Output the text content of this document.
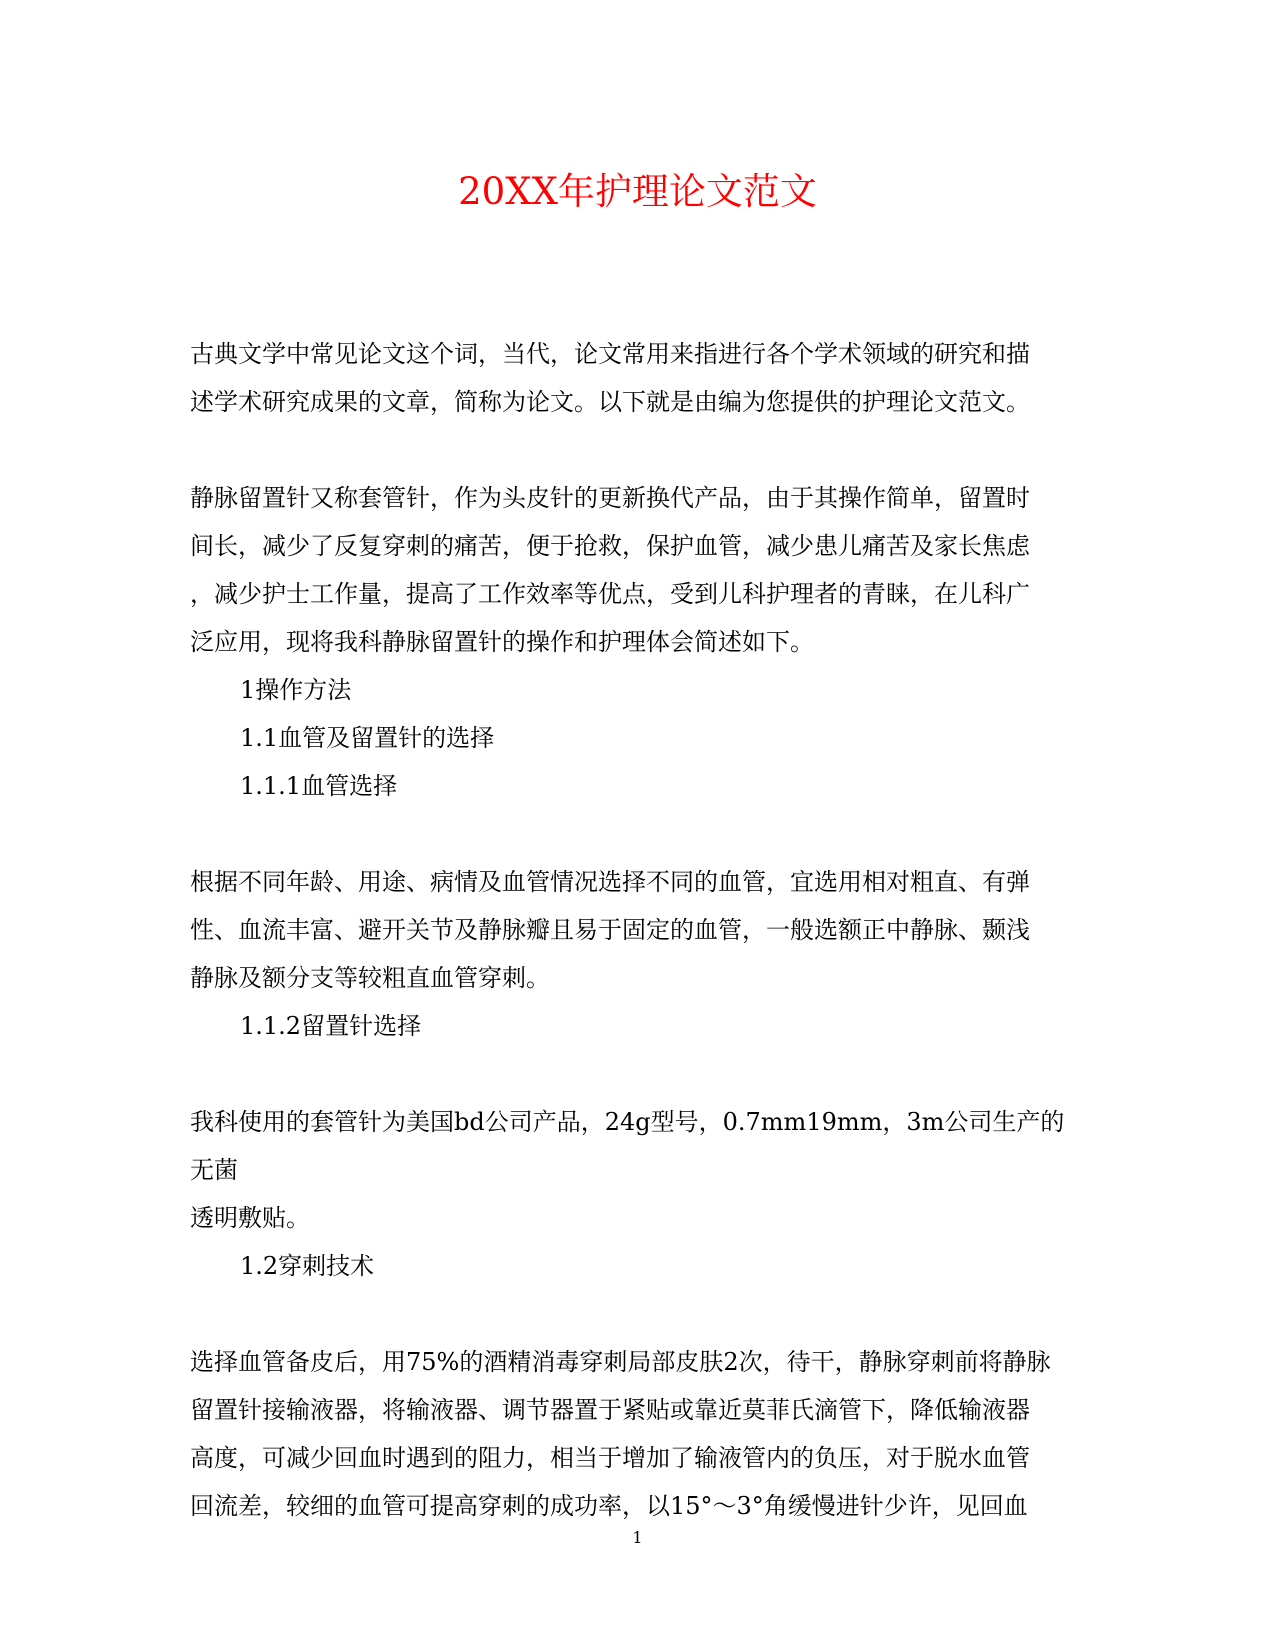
20XX年护理论文范文
古典文学中常见论文这个词，当代，论文常用来指进行各个学术领域的研究和描
述学术研究成果的文章，简称为论文。以下就是由编为您提供的护理论文范文。
静脉留置针又称套管针，作为头皮针的更新换代产品，由于其操作简单，留置时
间长，减少了反复穿刺的痛苦，便于抢救，保护血管，减少患儿痛苦及家长焦虑
，减少护士工作量，提高了工作效率等优点，受到儿科护理者的青睐，在儿科广
泛应用，现将我科静脉留置针的操作和护理体会简述如下。
1操作方法
1.1血管及留置针的选择
1.1.1血管选择
根据不同年龄、用途、病情及血管情况选择不同的血管，宜选用相对粗直、有弹
性、血流丰富、避开关节及静脉瓣且易于固定的血管，一般选额正中静脉、颞浅
静脉及额分支等较粗直血管穿刺。
1.1.2留置针选择
我科使用的套管针为美国bd公司产品，24g型号，0.7mm19mm，3m公司生产的无菌
透明敷贴。
1.2穿刺技术
选择血管备皮后，用75%的酒精消毒穿刺局部皮肤2次，待干，静脉穿刺前将静脉
留置针接输液器，将输液器、调节器置于紧贴或靠近莫菲氏滴管下，降低输液器
高度，可减少回血时遇到的阻力，相当于增加了输液管内的负压，对于脱水血管
回流差，较细的血管可提高穿刺的成功率，以15°～3°角缓慢进针少许，见回血
1
